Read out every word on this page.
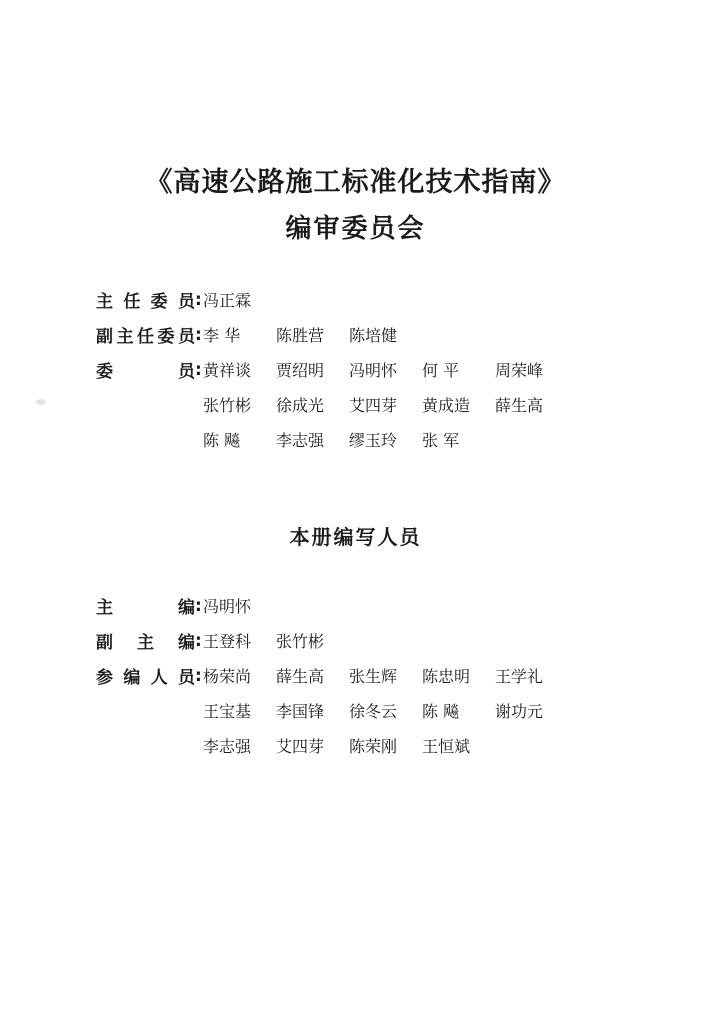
《高速公路施工标准化技术指南》
编审委员会
主 任 委 员 : 冯正霖
副 主 任 委 员 : 李 华	陈胜营	陈培健
委	员 : 黄祥谈	贾绍明	冯明怀	何 平	周荣峰
张竹彬	徐成光	艾四芽	黄成造	薛生高
陈 飚	李志强	缪玉玲	张 军
本册编写人员
主	编 : 冯明怀
副 主 编 : 王登科	张竹彬
参 编 人 员 : 杨荣尚	薛生高	张生辉	陈忠明	王学礼
王宝基	李国锋	徐冬云	陈 飚	谢功元
李志强	艾四芽	陈荣刚	王恒斌
